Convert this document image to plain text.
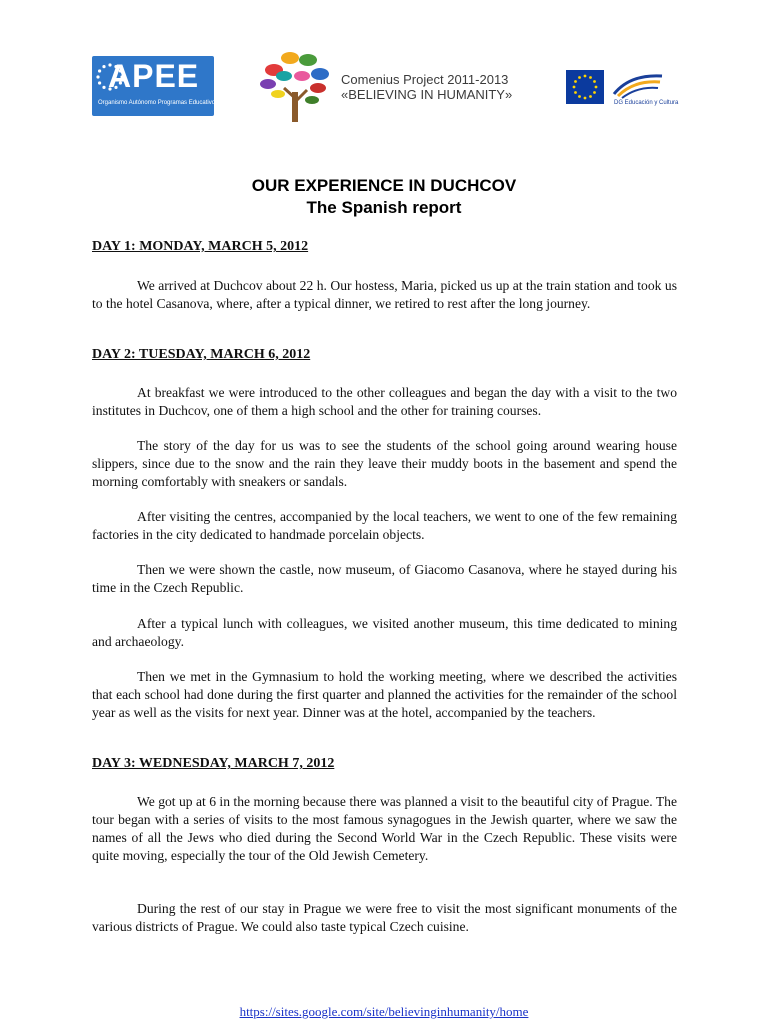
APEE
Organismo Autónomo Programas Educativos Europeos
Comenius Project 2011-2013
«BELIEVING IN HUMANITY»
DG Educación y Cultura
OUR EXPERIENCE IN DUCHCOV
The Spanish report
DAY 1: MONDAY, MARCH 5, 2012

We arrived at Duchcov about 22 h. Our hostess, Maria, picked us up at the train station and took us to the hotel Casanova, where, after a typical dinner, we retired to rest after the long journey.

DAY 2: TUESDAY, MARCH 6, 2012

At breakfast we were introduced to the other colleagues and began the day with a visit to the two institutes in Duchcov, one of them a high school and the other for training courses.

The story of the day for us was to see the students of the school going around wearing house slippers, since due to the snow and the rain they leave their muddy boots in the basement and spend the morning comfortably with sneakers or sandals.

After visiting the centres, accompanied by the local teachers, we went to one of the few remaining factories in the city dedicated to handmade porcelain objects.

Then we were shown the castle, now museum, of Giacomo Casanova, where he stayed during his time in the Czech Republic.

After a typical lunch with colleagues, we visited another museum, this time dedicated to mining and archaeology.

Then we met in the Gymnasium to hold the working meeting, where we described the activities that each school had done during the first quarter and planned the activities for the remainder of the school year as well as the visits for next year. Dinner was at the hotel, accompanied by the teachers.

DAY 3: WEDNESDAY, MARCH 7, 2012

We got up at 6 in the morning because there was planned a visit to the beautiful city of Prague. The tour began with a series of visits to the most famous synagogues in the Jewish quarter, where we saw the names of all the Jews who died during the Second World War in the Czech Republic. These visits were quite moving, especially the tour of the Old Jewish Cemetery.

During the rest of our stay in Prague we were free to visit the most significant monuments of the various districts of Prague. We could also taste typical Czech cuisine.

https://sites.google.com/site/believinginhumanity/home
